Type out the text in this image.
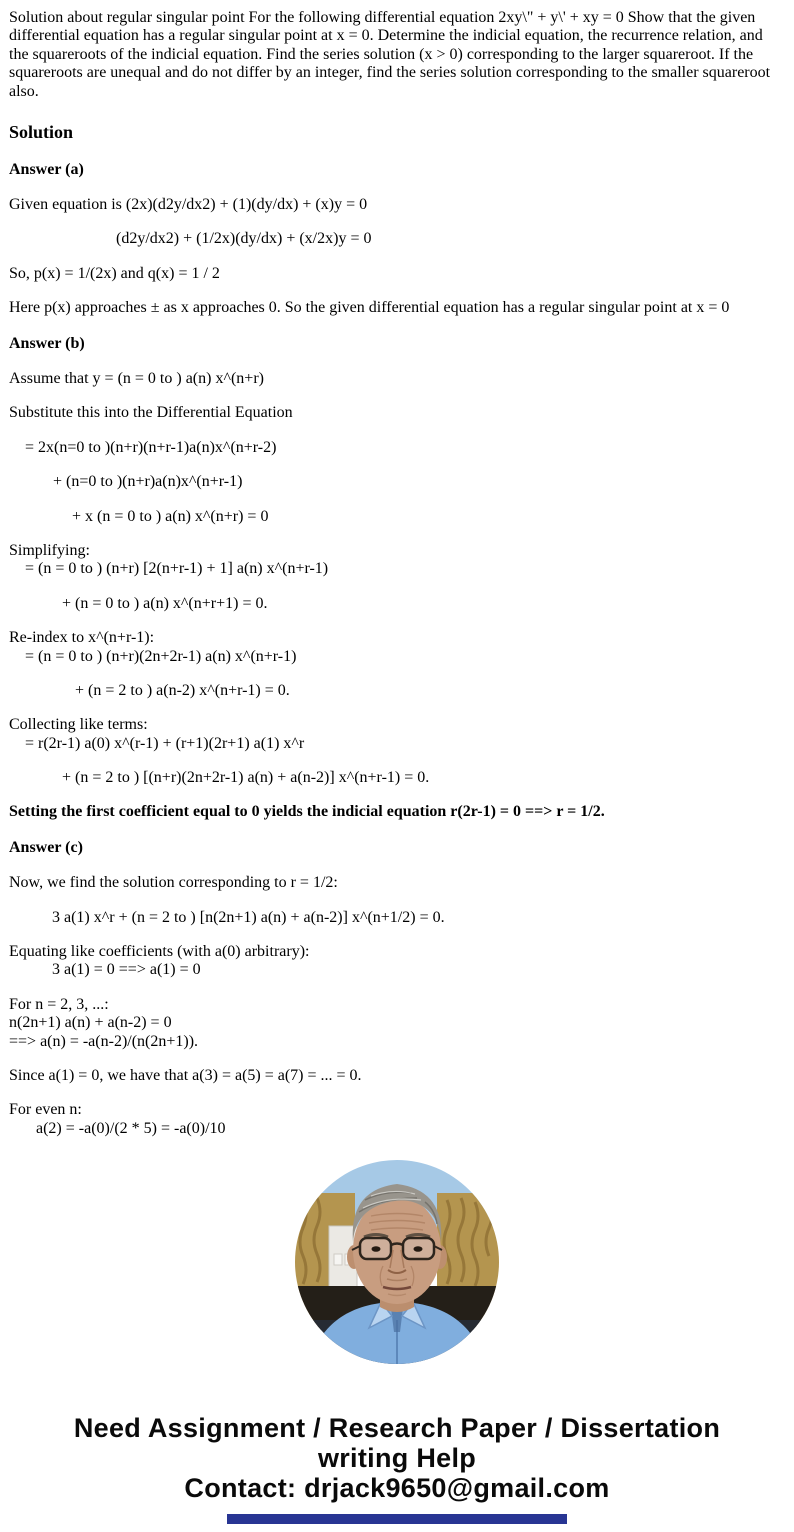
Solution about regular singular point For the following differential equation 2xy\" + y\' + xy = 0 Show that the given differential equation has a regular singular point at x = 0. Determine the indicial equation, the recurrence relation, and the squareroots of the indicial equation. Find the series solution (x > 0) corresponding to the larger squareroot. If the squareroots are unequal and do not differ by an integer, find the series solution corresponding to the smaller squareroot also.

Solution
Answer (a)

Given equation is (2x)(d2y/dx2) + (1)(dy/dx) + (x)y = 0

(d2y/dx2) + (1/2x)(dy/dx) + (x/2x)y = 0

So, p(x) = 1/(2x) and q(x) = 1 / 2

Here p(x) approaches ± as x approaches 0. So the given differential equation has a regular singular point at x = 0

Answer (b)

Assume that y = (n = 0 to ) a(n) x^(n+r)

Substitute this into the Differential Equation

= 2x(n=0 to )(n+r)(n+r-1)a(n)x^(n+r-2)

+ (n=0 to )(n+r)a(n)x^(n+r-1)

+ x (n = 0 to ) a(n) x^(n+r) = 0

Simplifying:
= (n = 0 to ) (n+r) [2(n+r-1) + 1] a(n) x^(n+r-1)

+ (n = 0 to ) a(n) x^(n+r+1) = 0.

Re-index to x^(n+r-1):
= (n = 0 to ) (n+r)(2n+2r-1) a(n) x^(n+r-1)

+ (n = 2 to ) a(n-2) x^(n+r-1) = 0.

Collecting like terms:
= r(2r-1) a(0) x^(r-1) + (r+1)(2r+1) a(1) x^r

+ (n = 2 to ) [(n+r)(2n+2r-1) a(n) + a(n-2)] x^(n+r-1) = 0.

Setting the first coefficient equal to 0 yields the indicial equation r(2r-1) = 0 ==> r = 1/2.

Answer (c)

Now, we find the solution corresponding to r = 1/2:

3 a(1) x^r + (n = 2 to ) [n(2n+1) a(n) + a(n-2)] x^(n+1/2) = 0.

Equating like coefficients (with a(0) arbitrary):
3 a(1) = 0 ==> a(1) = 0

For n = 2, 3, ...:
n(2n+1) a(n) + a(n-2) = 0
==> a(n) = -a(n-2)/(n(2n+1)).

Since a(1) = 0, we have that a(3) = a(5) = a(7) = ... = 0.

For even n:
a(2) = -a(0)/(2 * 5) = -a(0)/10

Need Assignment / Research Paper / Dissertation
writing Help
Contact: drjack9650@gmail.com
